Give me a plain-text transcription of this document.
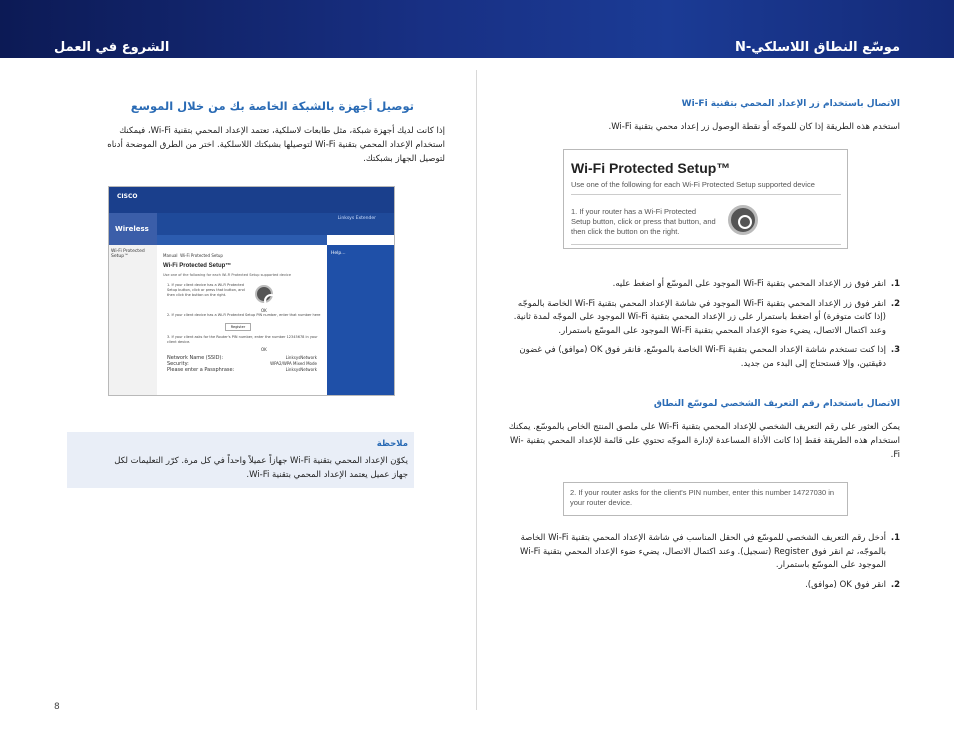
الشروع في العمل	موسّع النطاق اللاسلكي-N
توصيل أجهزة بالشبكة الخاصة بك من خلال الموسع

إذا كانت لديك أجهزة شبكة، مثل طابعات لاسلكية، تعتمد الإعداد المحمي بتقنية Wi-Fi، فيمكنك

استخدام الإعداد المحمي بتقنية Wi-Fi لتوصيلها بشبكتك اللاسلكية. اختر من الطرق الموضحة أدناه

لتوصيل الجهاز بشبكتك.

CISCO
Wireless
Linksys Extender
Wi-Fi Protected Setup™	Manual Wi-Fi Protected Setup
Wi-Fi Protected Setup™
Use one of the following for each Wi-Fi Protected Setup supported device
1. If your client device has a Wi-Fi Protected Setup button, click or press that button, and then click the button on the right.
OK
2. If your client device has a Wi-Fi Protected Setup PIN number, enter that number here
Register
3. If your client asks for the Router's PIN number, enter the number 12345678 in your client device.
OK
Network Name (SSID):	LinksysNetwork
Security:	WPA2/WPA Mixed Mode
Please enter a Passphrase:	LinksysNetwork
Help...
ملاحظة
يكوّن الإعداد المحمي بتقنية Wi-Fi جهازاً عميلاً واحداً في كل مرة. كرّر التعليمات لكل
جهاز عميل يعتمد الإعداد المحمي بتقنية Wi-Fi.
الاتصال باستخدام زر الإعداد المحمي بتقنية Wi-Fi
استخدم هذه الطريقة إذا كان للموجّه أو نقطة الوصول زر إعداد محمي بتقنية Wi-Fi.
Wi-Fi Protected Setup™
Use one of the following for each Wi-Fi Protected Setup supported device
1. If your router has a Wi-Fi Protected Setup button, click or press that button, and then click the button on the right.
1.
انقر فوق زر الإعداد المحمي بتقنية Wi-Fi الموجود على الموسّع أو اضغط عليه.
2.
انقر فوق زر الإعداد المحمي بتقنية Wi-Fi الموجود في شاشة الإعداد المحمي بتقنية Wi-Fi الخاصة بالموجّه (إذا كانت متوفرة) أو اضغط باستمرار على زر الإعداد المحمي بتقنية Wi-Fi الموجود على الموجّه لمدة ثانية. وعند اكتمال الاتصال، يضيء ضوء الإعداد المحمي بتقنية Wi-Fi الموجود على الموسّع باستمرار.
3.
إذا كنت تستخدم شاشة الإعداد المحمي بتقنية Wi-Fi الخاصة بالموسّع، فانقر فوق OK (موافق) في غضون دقيقتين، وإلا فستحتاج إلى البدء من جديد.
الاتصال باستخدام رقم التعريف الشخصي لموسّع النطاق
يمكن العثور على رقم التعريف الشخصي للإعداد المحمي بتقنية Wi-Fi على ملصق المنتج الخاص بالموسّع. يمكنك استخدام هذه الطريقة فقط إذا كانت الأداة المساعدة لإدارة الموجّه تحتوي على قائمة للإعداد المحمي بتقنية Wi-Fi.
2. If your router asks for the client's PIN number, enter this number 14727030 in your router device.
1.
أدخل رقم التعريف الشخصي للموسّع في الحقل المناسب في شاشة الإعداد المحمي بتقنية Wi-Fi الخاصة بالموجّه، ثم انقر فوق Register (تسجيل). وعند اكتمال الاتصال، يضيء ضوء الإعداد المحمي بتقنية Wi-Fi الموجود على الموسّع باستمرار.
2.
انقر فوق OK (موافق).
8
